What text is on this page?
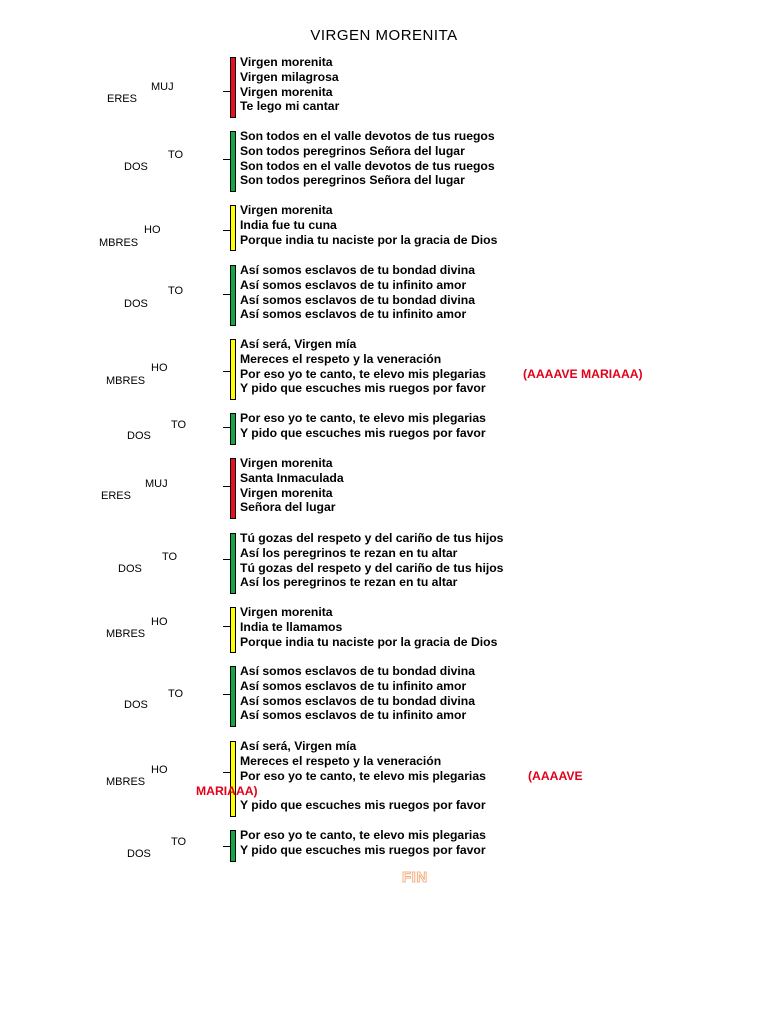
VIRGEN MORENITA
MUJ
ERES
Virgen morenita
Virgen milagrosa
Virgen morenita
Te lego mi cantar
TO
DOS
Son todos en el valle devotos de tus ruegos
Son todos peregrinos Señora del lugar
Son todos en el valle devotos de tus ruegos
Son todos peregrinos Señora del lugar
HO
MBRES
Virgen morenita
India fue tu cuna
Porque india tu naciste por la gracia de Dios
TO
DOS
Así somos esclavos de tu bondad divina
Así somos esclavos de tu infinito amor
Así somos esclavos de tu bondad divina
Así somos esclavos de tu infinito amor
HO
MBRES
Así será, Virgen mía
Mereces el respeto y la veneración
Por eso yo te canto, te elevo mis plegarias
Y pido que escuches mis ruegos por favor
TO
DOS
Por eso yo te canto, te elevo mis plegarias
Y pido que escuches mis ruegos por favor
MUJ
ERES
Virgen morenita
Santa Inmaculada
Virgen morenita
Señora del lugar
TO
DOS
Tú gozas del respeto y del cariño de tus hijos
Así los peregrinos te rezan en tu altar
Tú gozas del respeto y del cariño de tus hijos
Así los peregrinos te rezan en tu altar
HO
MBRES
Virgen morenita
India te llamamos
Porque india tu naciste por la gracia de Dios
TO
DOS
Así somos esclavos de tu bondad divina
Así somos esclavos de tu infinito amor
Así somos esclavos de tu bondad divina
Así somos esclavos de tu infinito amor
HO
MBRES
Así será, Virgen mía
Mereces el respeto y la veneración
Por eso yo te canto, te elevo mis plegarias
Y pido que escuches mis ruegos por favor
TO
DOS
Por eso yo te canto, te elevo mis plegarias
Y pido que escuches mis ruegos por favor
(AAAAVE MARIAAA)
(AAAAVE
MARIAAA)
FIN
